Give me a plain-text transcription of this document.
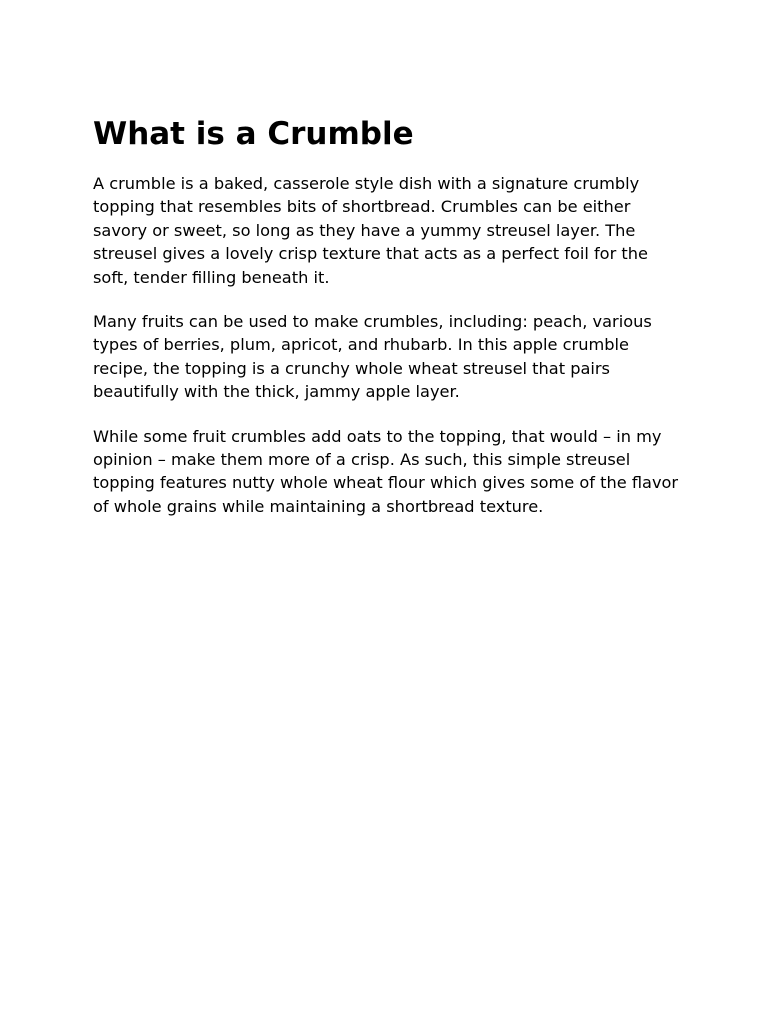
What is a Crumble

A crumble is a baked, casserole style dish with a signature crumbly topping that resembles bits of shortbread. Crumbles can be either savory or sweet, so long as they have a yummy streusel layer. The streusel gives a lovely crisp texture that acts as a perfect foil for the soft, tender filling beneath it.

Many fruits can be used to make crumbles, including: peach, various types of berries, plum, apricot, and rhubarb. In this apple crumble recipe, the topping is a crunchy whole wheat streusel that pairs beautifully with the thick, jammy apple layer.

While some fruit crumbles add oats to the topping, that would – in my opinion – make them more of a crisp. As such, this simple streusel topping features nutty whole wheat flour which gives some of the flavor of whole grains while maintaining a shortbread texture.
